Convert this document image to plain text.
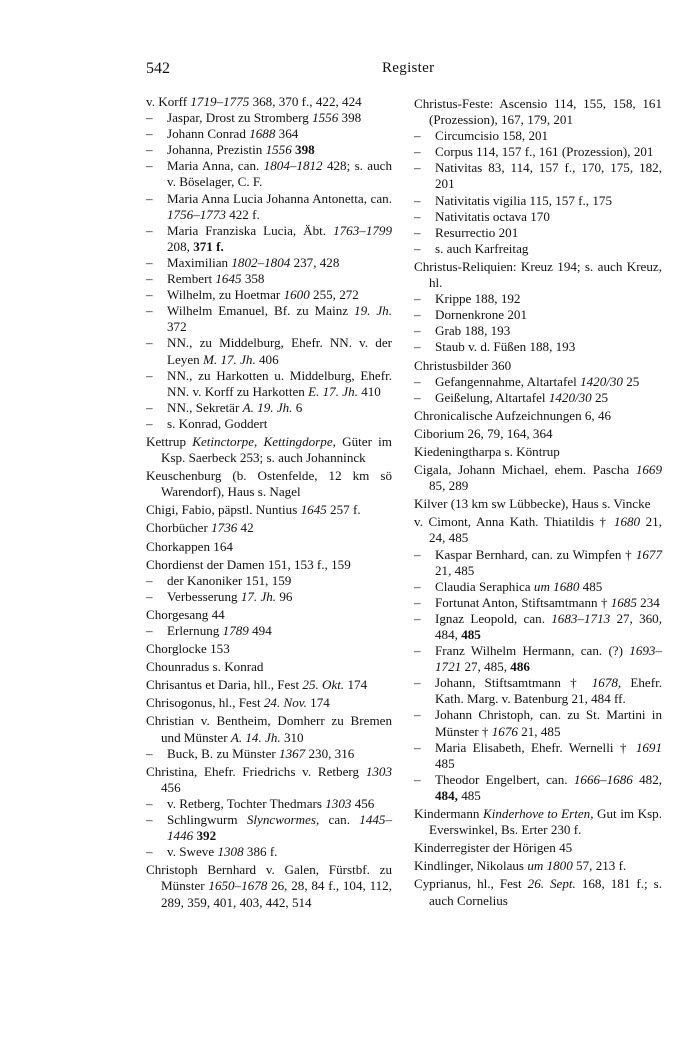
542	Register
v. Korff 1719–1775 368, 370 f., 422, 424
– Jaspar, Drost zu Stromberg 1556 398
– Johann Conrad 1688 364
– Johanna, Prezistin 1556 398
– Maria Anna, can. 1804–1812 428; s. auch v. Böselager, C. F.
– Maria Anna Lucia Johanna Antonetta, can. 1756–1773 422 f.
– Maria Franziska Lucia, Äbt. 1763–1799 208, 371 f.
– Maximilian 1802–1804 237, 428
– Rembert 1645 358
– Wilhelm, zu Hoetmar 1600 255, 272
– Wilhelm Emanuel, Bf. zu Mainz 19. Jh. 372
– NN., zu Middelburg, Ehefr. NN. v. der Leyen M. 17. Jh. 406
– NN., zu Harkotten u. Middelburg, Ehefr. NN. v. Korff zu Harkotten E. 17. Jh. 410
– NN., Sekretär A. 19. Jh. 6
– s. Konrad, Goddert
Kettrup Ketinctorpe, Kettingdorpe, Güter im Ksp. Saerbeck 253; s. auch Johanninck
Keuschenburg (b. Ostenfelde, 12 km sö Warendorf), Haus s. Nagel
Chigi, Fabio, päpstl. Nuntius 1645 257 f.
Chorbücher 1736 42
Chorkappen 164
Chordienst der Damen 151, 153 f., 159
– der Kanoniker 151, 159
– Verbesserung 17. Jh. 96
Chorgesang 44
– Erlernung 1789 494
Chorglocke 153
Chounradus s. Konrad
Chrisantus et Daria, hll., Fest 25. Okt. 174
Chrisogonus, hl., Fest 24. Nov. 174
Christian v. Bentheim, Domherr zu Bremen und Münster A. 14. Jh. 310
– Buck, B. zu Münster 1367 230, 316
Christina, Ehefr. Friedrichs v. Retberg 1303 456
– v. Retberg, Tochter Thedmars 1303 456
– Schlingwurm Slyncwormes, can. 1445–1446 392
– v. Sweve 1308 386 f.
Christoph Bernhard v. Galen, Fürstbf. zu Münster 1650–1678 26, 28, 84 f., 104, 112, 289, 359, 401, 403, 442, 514
Christus-Feste: Ascensio 114, 155, 158, 161 (Prozession), 167, 179, 201
– Circumcisio 158, 201
– Corpus 114, 157 f., 161 (Prozession), 201
– Nativitas 83, 114, 157 f., 170, 175, 182, 201
– Nativitatis vigilia 115, 157 f., 175
– Nativitatis octava 170
– Resurrectio 201
– s. auch Karfreitag
Christus-Reliquien: Kreuz 194; s. auch Kreuz, hl.
– Krippe 188, 192
– Dornenkrone 201
– Grab 188, 193
– Staub v. d. Füßen 188, 193
Christusbilder 360
– Gefangennahme, Altartafel 1420/30 25
– Geißelung, Altartafel 1420/30 25
Chronicalische Aufzeichnungen 6, 46
Ciborium 26, 79, 164, 364
Kiedeningtharpa s. Köntrup
Cigala, Johann Michael, ehem. Pascha 1669 85, 289
Kilver (13 km sw Lübbecke), Haus s. Vincke
v. Cimont, Anna Kath. Thiatildis † 1680 21, 24, 485
– Kaspar Bernhard, can. zu Wimpfen † 1677 21, 485
– Claudia Seraphica um 1680 485
– Fortunat Anton, Stiftsamtmann † 1685 234
– Ignaz Leopold, can. 1683–1713 27, 360, 484, 485
– Franz Wilhelm Hermann, can. (?) 1693–1721 27, 485, 486
– Johann, Stiftsamtmann † 1678, Ehefr. Kath. Marg. v. Batenburg 21, 484 ff.
– Johann Christoph, can. zu St. Martini in Münster † 1676 21, 485
– Maria Elisabeth, Ehefr. Wernelli † 1691 485
– Theodor Engelbert, can. 1666–1686 482, 484, 485
Kindermann Kinderhove to Erten, Gut im Ksp. Everswinkel, Bs. Erter 230 f.
Kinderregister der Hörigen 45
Kindlinger, Nikolaus um 1800 57, 213 f.
Cyprianus, hl., Fest 26. Sept. 168, 181 f.; s. auch Cornelius
